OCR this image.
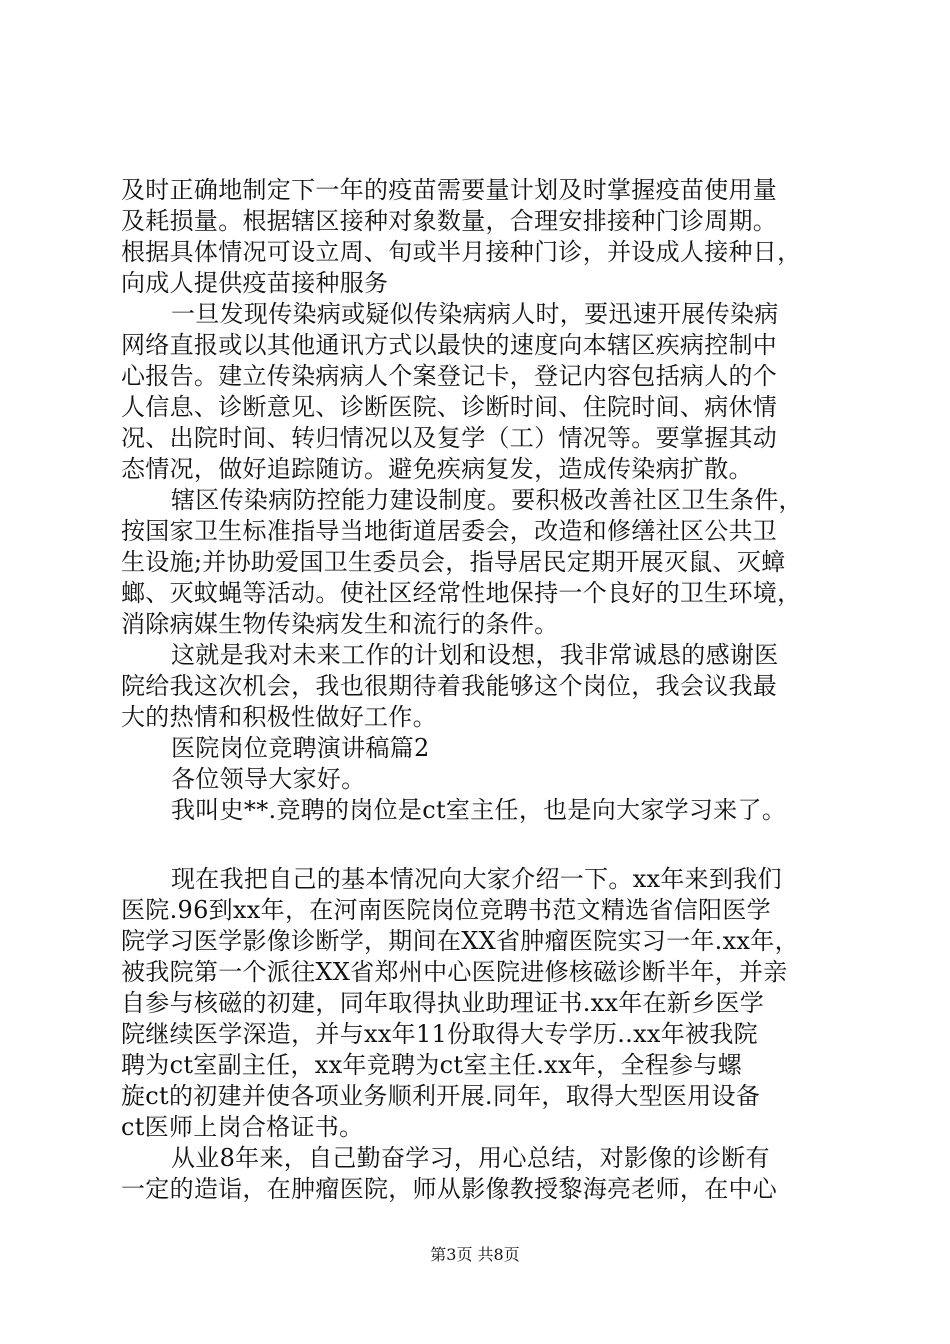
及时正确地制定下一年的疫苗需要量计划及时掌握疫苗使用量
及耗损量。根据辖区接种对象数量，合理安排接种门诊周期。
根据具体情况可设立周、旬或半月接种门诊，并设成人接种日，
向成人提供疫苗接种服务
一旦发现传染病或疑似传染病病人时，要迅速开展传染病
网络直报或以其他通讯方式以最快的速度向本辖区疾病控制中
心报告。建立传染病病人个案登记卡，登记内容包括病人的个
人信息、诊断意见、诊断医院、诊断时间、住院时间、病休情
况、出院时间、转归情况以及复学（工）情况等。要掌握其动
态情况，做好追踪随访。避免疾病复发，造成传染病扩散。
辖区传染病防控能力建设制度。要积极改善社区卫生条件，
按国家卫生标准指导当地街道居委会，改造和修缮社区公共卫
生设施;并协助爱国卫生委员会，指导居民定期开展灭鼠、灭蟑
螂、灭蚊蝇等活动。使社区经常性地保持一个良好的卫生环境，
消除病媒生物传染病发生和流行的条件。
这就是我对未来工作的计划和设想，我非常诚恳的感谢医
院给我这次机会，我也很期待着我能够这个岗位，我会议我最
大的热情和积极性做好工作。
医院岗位竞聘演讲稿篇2
各位领导大家好。
我叫史**.竞聘的岗位是ct室主任，也是向大家学习来了。
现在我把自己的基本情况向大家介绍一下。xx年来到我们
医院.96到xx年，在河南医院岗位竞聘书范文精选省信阳医学
院学习医学影像诊断学，期间在XX省肿瘤医院实习一年.xx年，
被我院第一个派往XX省郑州中心医院进修核磁诊断半年，并亲
自参与核磁的初建，同年取得执业助理证书.xx年在新乡医学
院继续医学深造，并与xx年11份取得大专学历..xx年被我院
聘为ct室副主任，xx年竞聘为ct室主任.xx年，全程参与螺
旋ct的初建并使各项业务顺利开展.同年，取得大型医用设备
ct医师上岗合格证书。
从业8年来，自己勤奋学习，用心总结，对影像的诊断有
一定的造诣，在肿瘤医院，师从影像教授黎海亮老师，在中心
第3页 共8页
